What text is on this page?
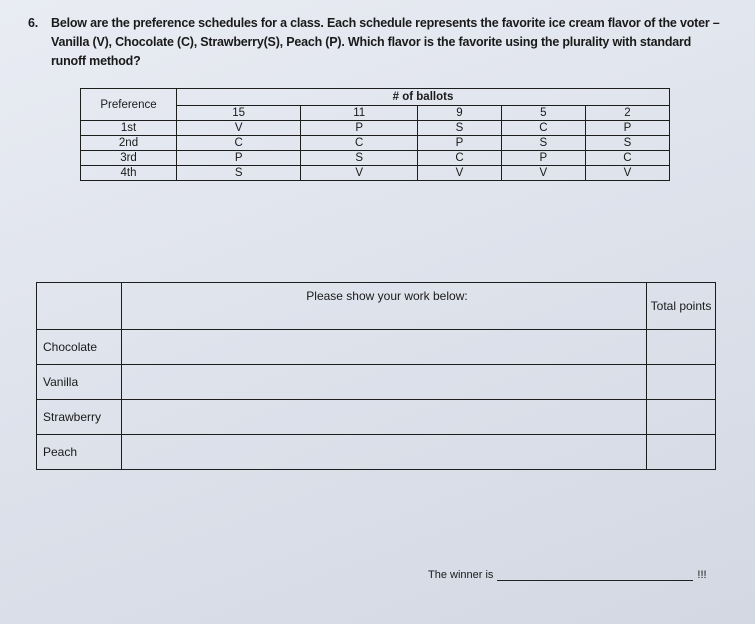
6. Below are the preference schedules for a class. Each schedule represents the favorite ice cream flavor of the voter – Vanilla (V), Chocolate (C), Strawberry(S), Peach (P). Which flavor is the favorite using the plurality with standard runoff method?
Preference	# of ballots				
	15	11	9	5	2
1st	V	P	S	C	P
2nd	C	C	P	S	S
3rd	P	S	C	P	C
4th	S	V	V	V	V
	Please show your work below:	Total points
Chocolate		
Vanilla		
Strawberry		
Peach		
The winner is	!!!
